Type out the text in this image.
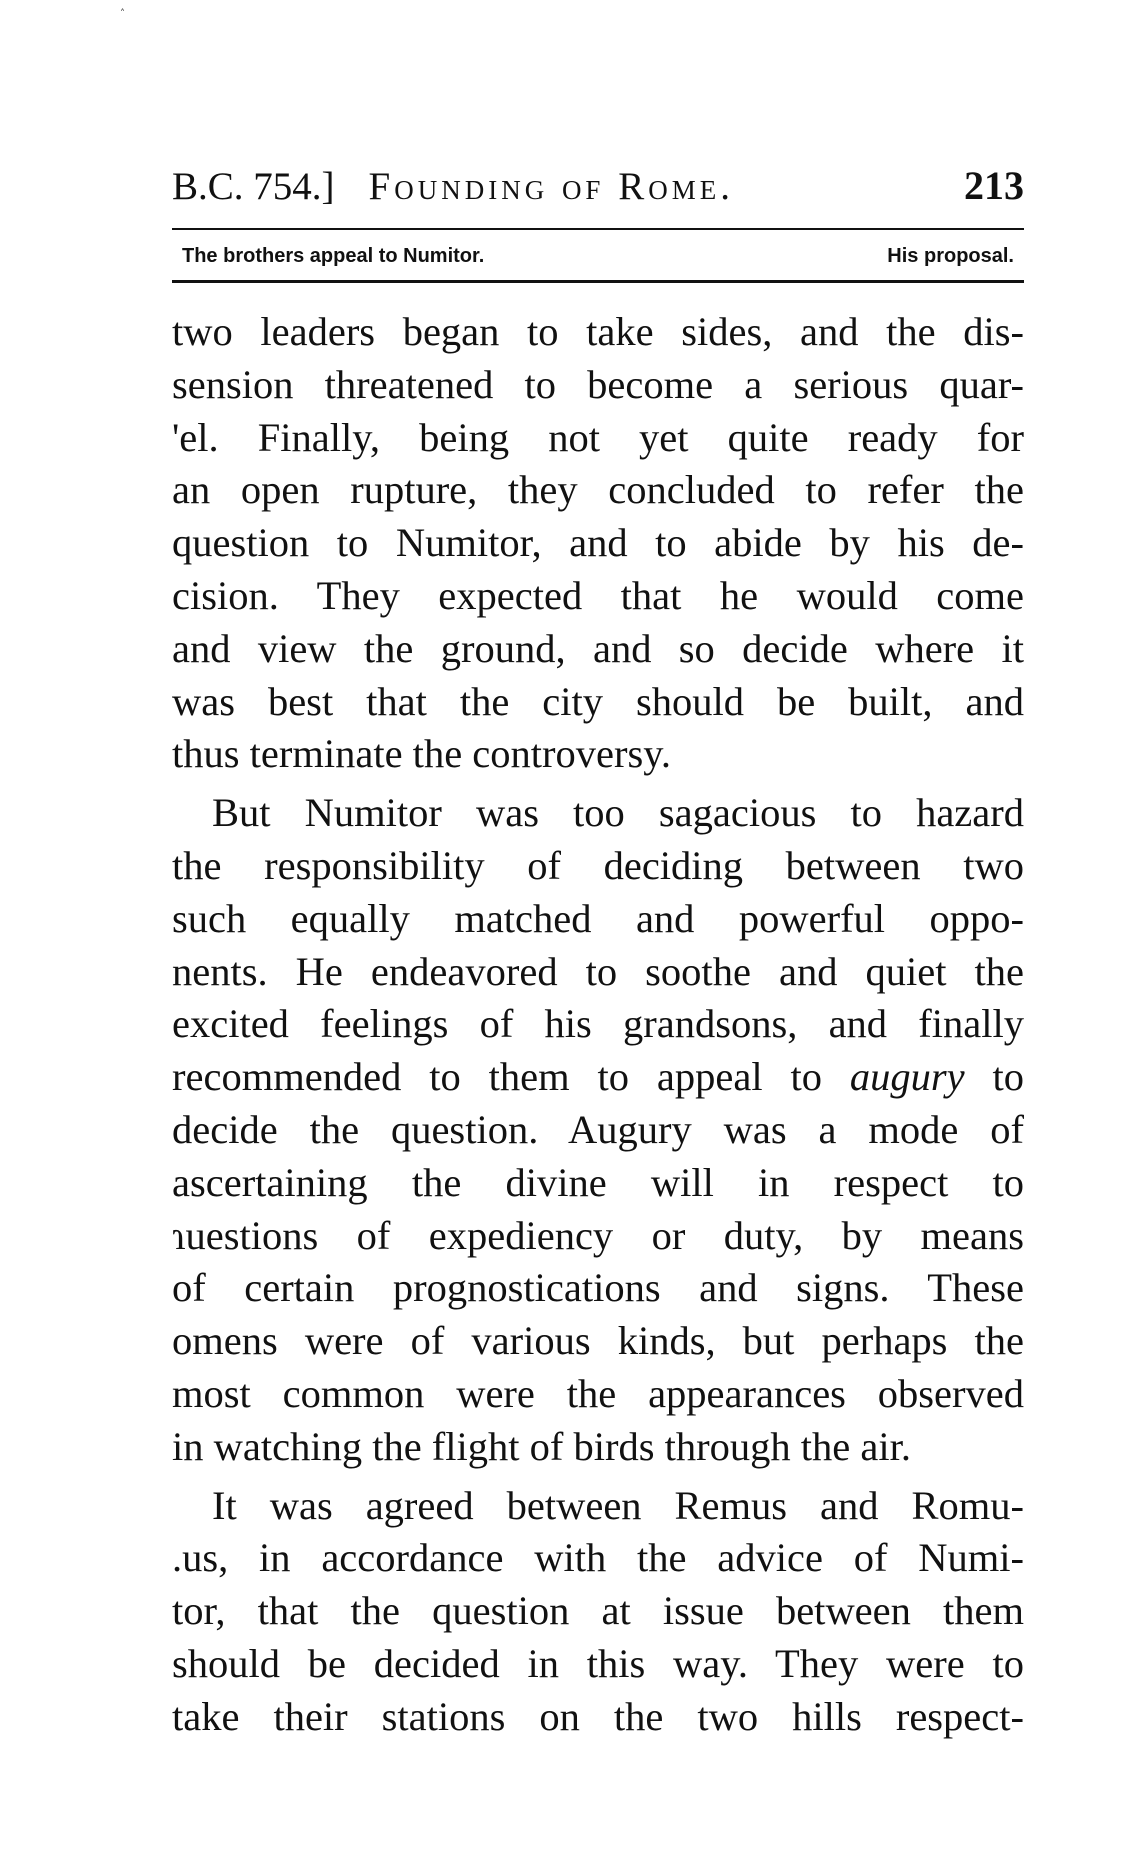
˄
B.C. 754.] Founding of Rome.	213
The brothers appeal to Numitor.	His proposal.
two leaders began to take sides, and the dis-
sension threatened to become a serious quar-
'el. Finally, being not yet quite ready for
an open rupture, they concluded to refer the
question to Numitor, and to abide by his de-
cision. They expected that he would come
and view the ground, and so decide where it
was best that the city should be built, and
thus terminate the controversy.
But Numitor was too sagacious to hazard
the responsibility of deciding between two
such equally matched and powerful oppo-
nents. He endeavored to soothe and quiet the
excited feelings of his grandsons, and finally
recommended to them to appeal to augury to
decide the question. Augury was a mode of
ascertaining the divine will in respect to
ɿuestions of expediency or duty, by means
of certain prognostications and signs. These
omens were of various kinds, but perhaps the
most common were the appearances observed
in watching the flight of birds through the air.
It was agreed between Remus and Romu-
.us, in accordance with the advice of Numi-
tor, that the question at issue between them
should be decided in this way. They were to
take their stations on the two hills respect-
